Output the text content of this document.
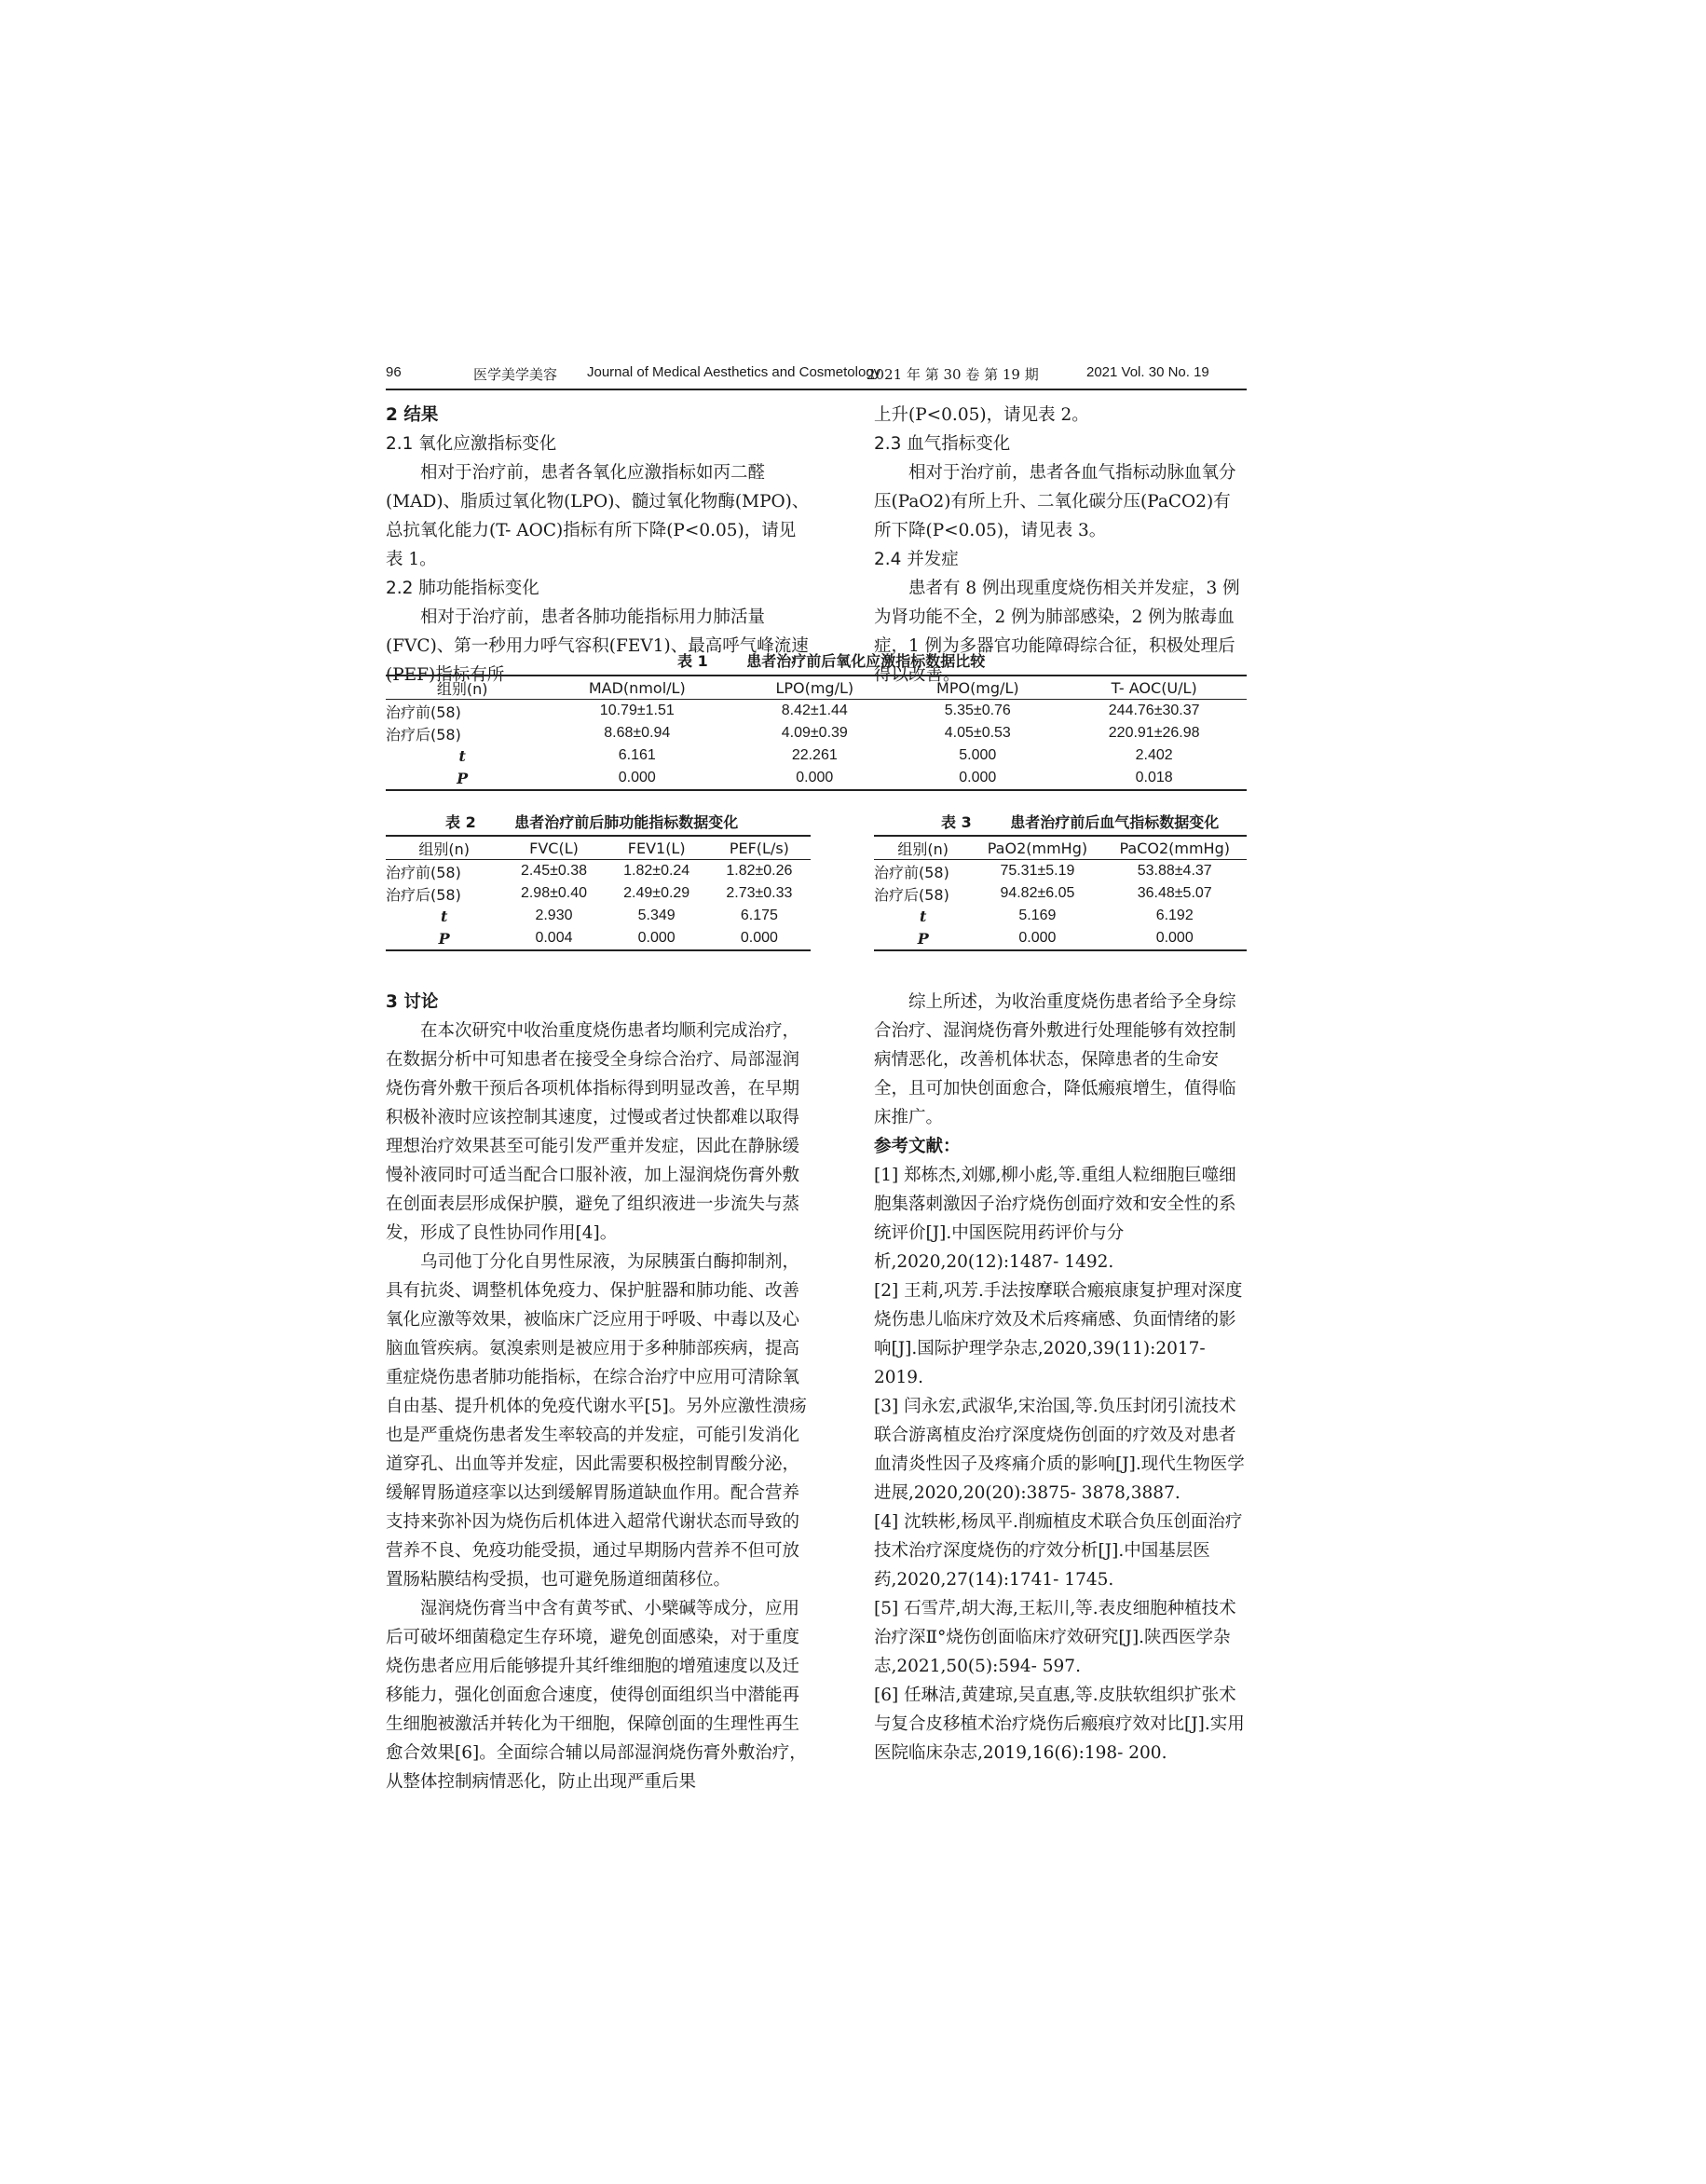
96	医学美学美容 Journal of Medical Aesthetics and Cosmetology
2021 年 第 30 卷 第 19 期	2021 Vol. 30 No. 19

2 结果

2.1 氧化应激指标变化

相对于治疗前，患者各氧化应激指标如丙二醛(MAD)、脂质过氧化物(LPO)、髓过氧化物酶(MPO)、总抗氧化能力(T- AOC)指标有所下降(P<0.05)，请见表 1。

2.2 肺功能指标变化

相对于治疗前，患者各肺功能指标用力肺活量(FVC)、第一秒用力呼气容积(FEV1)、最高呼气峰流速(PEF)指标有所

上升(P<0.05)，请见表 2。

2.3 血气指标变化

相对于治疗前，患者各血气指标动脉血氧分压(PaO2)有所上升、二氧化碳分压(PaCO2)有所下降(P<0.05)，请见表 3。

2.4 并发症

患者有 8 例出现重度烧伤相关并发症，3 例为肾功能不全，2 例为肺部感染，2 例为脓毒血症，1 例为多器官功能障碍综合征，积极处理后得以改善。

表 1	患者治疗前后氧化应激指标数据比较
组别(n)	MAD(nmol/L)	LPO(mg/L)	MPO(mg/L)	T- AOC(U/L)
治疗前(58)	10.79±1.51	8.42±1.44	5.35±0.76	244.76±30.37
治疗后(58)	8.68±0.94	4.09±0.39	4.05±0.53	220.91±26.98
t	6.161	22.261	5.000	2.402
P	0.000	0.000	0.000	0.018
表 2	患者治疗前后肺功能指标数据变化
组别(n)	FVC(L)	FEV1(L)	PEF(L/s)
治疗前(58)	2.45±0.38	1.82±0.24	1.82±0.26
治疗后(58)	2.98±0.40	2.49±0.29	2.73±0.33
t	2.930	5.349	6.175
P	0.004	0.000	0.000
表 3	患者治疗前后血气指标数据变化
组别(n)	PaO2(mmHg)	PaCO2(mmHg)
治疗前(58)	75.31±5.19	53.88±4.37
治疗后(58)	94.82±6.05	36.48±5.07
t	5.169	6.192
P	0.000	0.000

3 讨论

在本次研究中收治重度烧伤患者均顺利完成治疗，在数据分析中可知患者在接受全身综合治疗、局部湿润烧伤膏外敷干预后各项机体指标得到明显改善，在早期积极补液时应该控制其速度，过慢或者过快都难以取得理想治疗效果甚至可能引发严重并发症，因此在静脉缓慢补液同时可适当配合口服补液，加上湿润烧伤膏外敷在创面表层形成保护膜，避免了组织液进一步流失与蒸发，形成了良性协同作用[4]。

乌司他丁分化自男性尿液，为尿胰蛋白酶抑制剂，具有抗炎、调整机体免疫力、保护脏器和肺功能、改善氧化应激等效果，被临床广泛应用于呼吸、中毒以及心脑血管疾病。氨溴索则是被应用于多种肺部疾病，提高重症烧伤患者肺功能指标，在综合治疗中应用可清除氧自由基、提升机体的免疫代谢水平[5]。另外应激性溃疡也是严重烧伤患者发生率较高的并发症，可能引发消化道穿孔、出血等并发症，因此需要积极控制胃酸分泌，缓解胃肠道痉挛以达到缓解胃肠道缺血作用。配合营养支持来弥补因为烧伤后机体进入超常代谢状态而导致的营养不良、免疫功能受损，通过早期肠内营养不但可放置肠粘膜结构受损，也可避免肠道细菌移位。

湿润烧伤膏当中含有黄芩甙、小檗碱等成分，应用后可破坏细菌稳定生存环境，避免创面感染，对于重度烧伤患者应用后能够提升其纤维细胞的增殖速度以及迁移能力，强化创面愈合速度，使得创面组织当中潜能再生细胞被激活并转化为干细胞，保障创面的生理性再生愈合效果[6]。全面综合辅以局部湿润烧伤膏外敷治疗，从整体控制病情恶化，防止出现严重后果

综上所述，为收治重度烧伤患者给予全身综合治疗、湿润烧伤膏外敷进行处理能够有效控制病情恶化，改善机体状态，保障患者的生命安全，且可加快创面愈合，降低瘢痕增生，值得临床推广。

参考文献：

[1] 郑栋杰,刘娜,柳小彪,等.重组人粒细胞巨噬细胞集落刺激因子治疗烧伤创面疗效和安全性的系统评价[J].中国医院用药评价与分析,2020,20(12):1487- 1492.

[2] 王莉,巩芳.手法按摩联合瘢痕康复护理对深度烧伤患儿临床疗效及术后疼痛感、负面情绪的影响[J].国际护理学杂志,2020,39(11):2017- 2019.

[3] 闫永宏,武淑华,宋治国,等.负压封闭引流技术联合游离植皮治疗深度烧伤创面的疗效及对患者血清炎性因子及疼痛介质的影响[J].现代生物医学进展,2020,20(20):3875- 3878,3887.

[4] 沈轶彬,杨凤平.削痂植皮术联合负压创面治疗技术治疗深度烧伤的疗效分析[J].中国基层医药,2020,27(14):1741- 1745.

[5] 石雪芹,胡大海,王耘川,等.表皮细胞种植技术治疗深Ⅱ°烧伤创面临床疗效研究[J].陕西医学杂志,2021,50(5):594- 597.

[6] 任琳洁,黄建琼,吴直惠,等.皮肤软组织扩张术与复合皮移植术治疗烧伤后瘢痕疗效对比[J].实用医院临床杂志,2019,16(6):198- 200.
